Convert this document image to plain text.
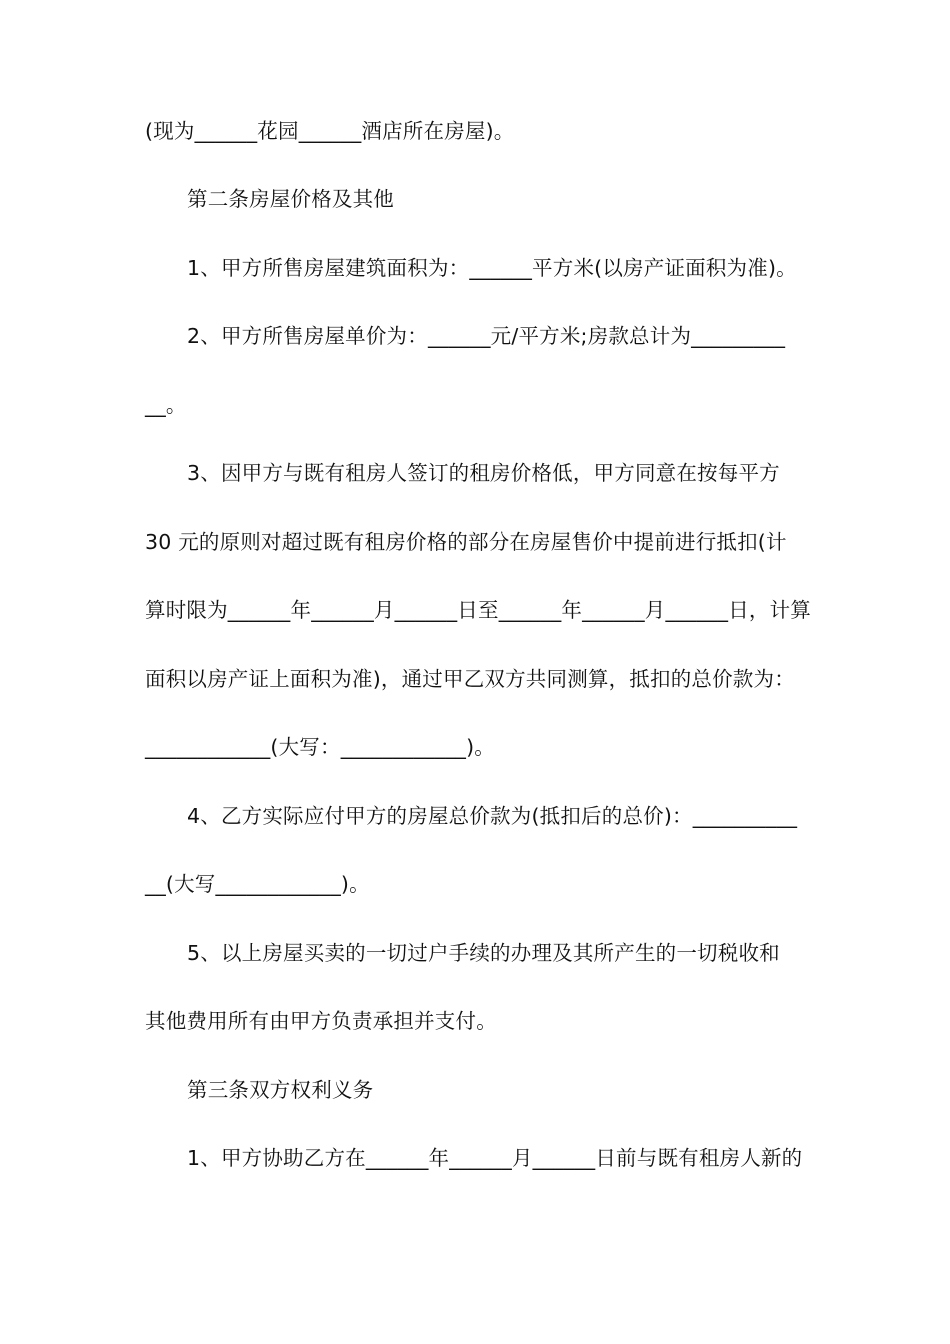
(现为______花园______酒店所在房屋)。
第二条房屋价格及其他
1、甲方所售房屋建筑面积为：______平方米(以房产证面积为准)。
2、甲方所售房屋单价为：______元/平方米;房款总计为_________
__。
3、因甲方与既有租房人签订的租房价格低，甲方同意在按每平方
30 元的原则对超过既有租房价格的部分在房屋售价中提前进行抵扣(计
算时限为______年______月______日至______年______月______日，计算
面积以房产证上面积为准)，通过甲乙双方共同测算，抵扣的总价款为：
____________(大写：____________)。
4、乙方实际应付甲方的房屋总价款为(抵扣后的总价)：__________
__(大写____________)。
5、以上房屋买卖的一切过户手续的办理及其所产生的一切税收和
其他费用所有由甲方负责承担并支付。
第三条双方权利义务
1、甲方协助乙方在______年______月______日前与既有租房人新的
